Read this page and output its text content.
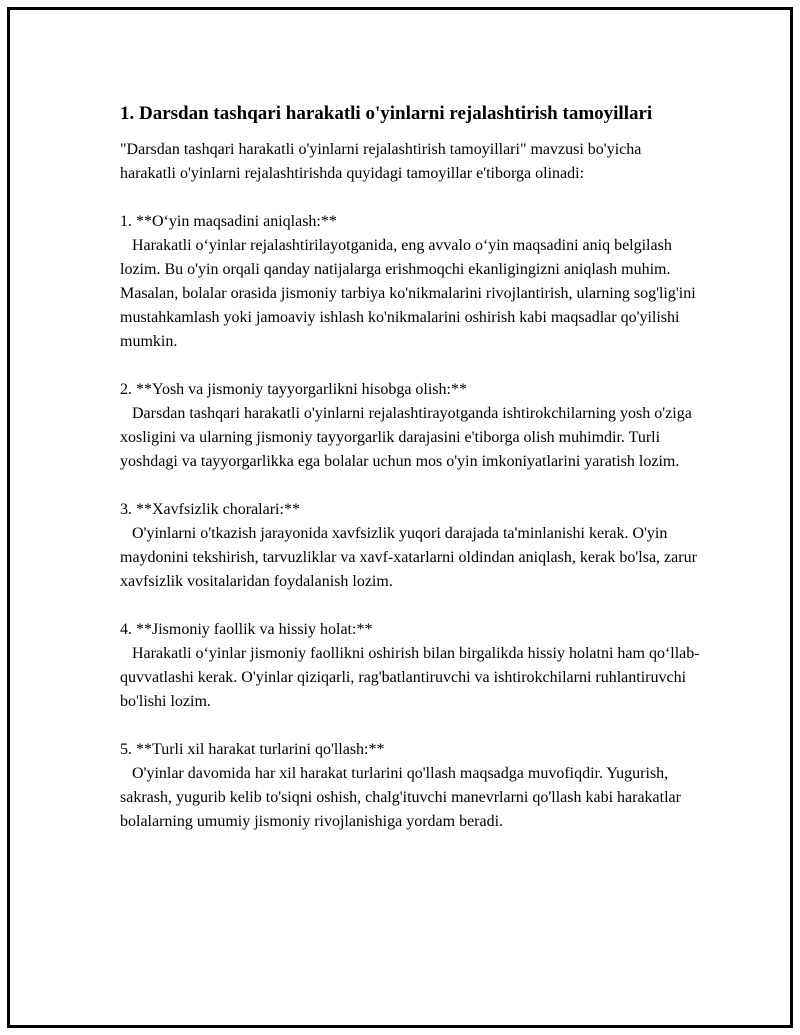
1. Darsdan tashqari harakatli o'yinlarni rejalashtirish tamoyillari

"Darsdan tashqari harakatli o'yinlarni rejalashtirish tamoyillari" mavzusi bo'yicha harakatli o'yinlarni rejalashtirishda quyidagi tamoyillar e'tiborga olinadi:

1. **O‘yin maqsadini aniqlash:**
Harakatli o‘yinlar rejalashtirilayotganida, eng avvalo o‘yin maqsadini aniq belgilash lozim. Bu o'yin orqali qanday natijalarga erishmoqchi ekanligingizni aniqlash muhim. Masalan, bolalar orasida jismoniy tarbiya ko'nikmalarini rivojlantirish, ularning sog'lig'ini mustahkamlash yoki jamoaviy ishlash ko'nikmalarini oshirish kabi maqsadlar qo'yilishi mumkin.
2. **Yosh va jismoniy tayyorgarlikni hisobga olish:**
Darsdan tashqari harakatli o'yinlarni rejalashtirayotganda ishtirokchilarning yosh o'ziga xosligini va ularning jismoniy tayyorgarlik darajasini e'tiborga olish muhimdir. Turli yoshdagi va tayyorgarlikka ega bolalar uchun mos o'yin imkoniyatlarini yaratish lozim.
3. **Xavfsizlik choralari:**
O'yinlarni o'tkazish jarayonida xavfsizlik yuqori darajada ta'minlanishi kerak. O'yin maydonini tekshirish, tarvuzliklar va xavf-xatarlarni oldindan aniqlash, kerak bo'lsa, zarur xavfsizlik vositalaridan foydalanish lozim.
4. **Jismoniy faollik va hissiy holat:**
Harakatli o‘yinlar jismoniy faollikni oshirish bilan birgalikda hissiy holatni ham qo‘llab-quvvatlashi kerak. O'yinlar qiziqarli, rag'batlantiruvchi va ishtirokchilarni ruhlantiruvchi bo'lishi lozim.
5. **Turli xil harakat turlarini qo'llash:**
O'yinlar davomida har xil harakat turlarini qo'llash maqsadga muvofiqdir. Yugurish, sakrash, yugurib kelib to'siqni oshish, chalg'ituvchi manevrlarni qo'llash kabi harakatlar bolalarning umumiy jismoniy rivojlanishiga yordam beradi.
